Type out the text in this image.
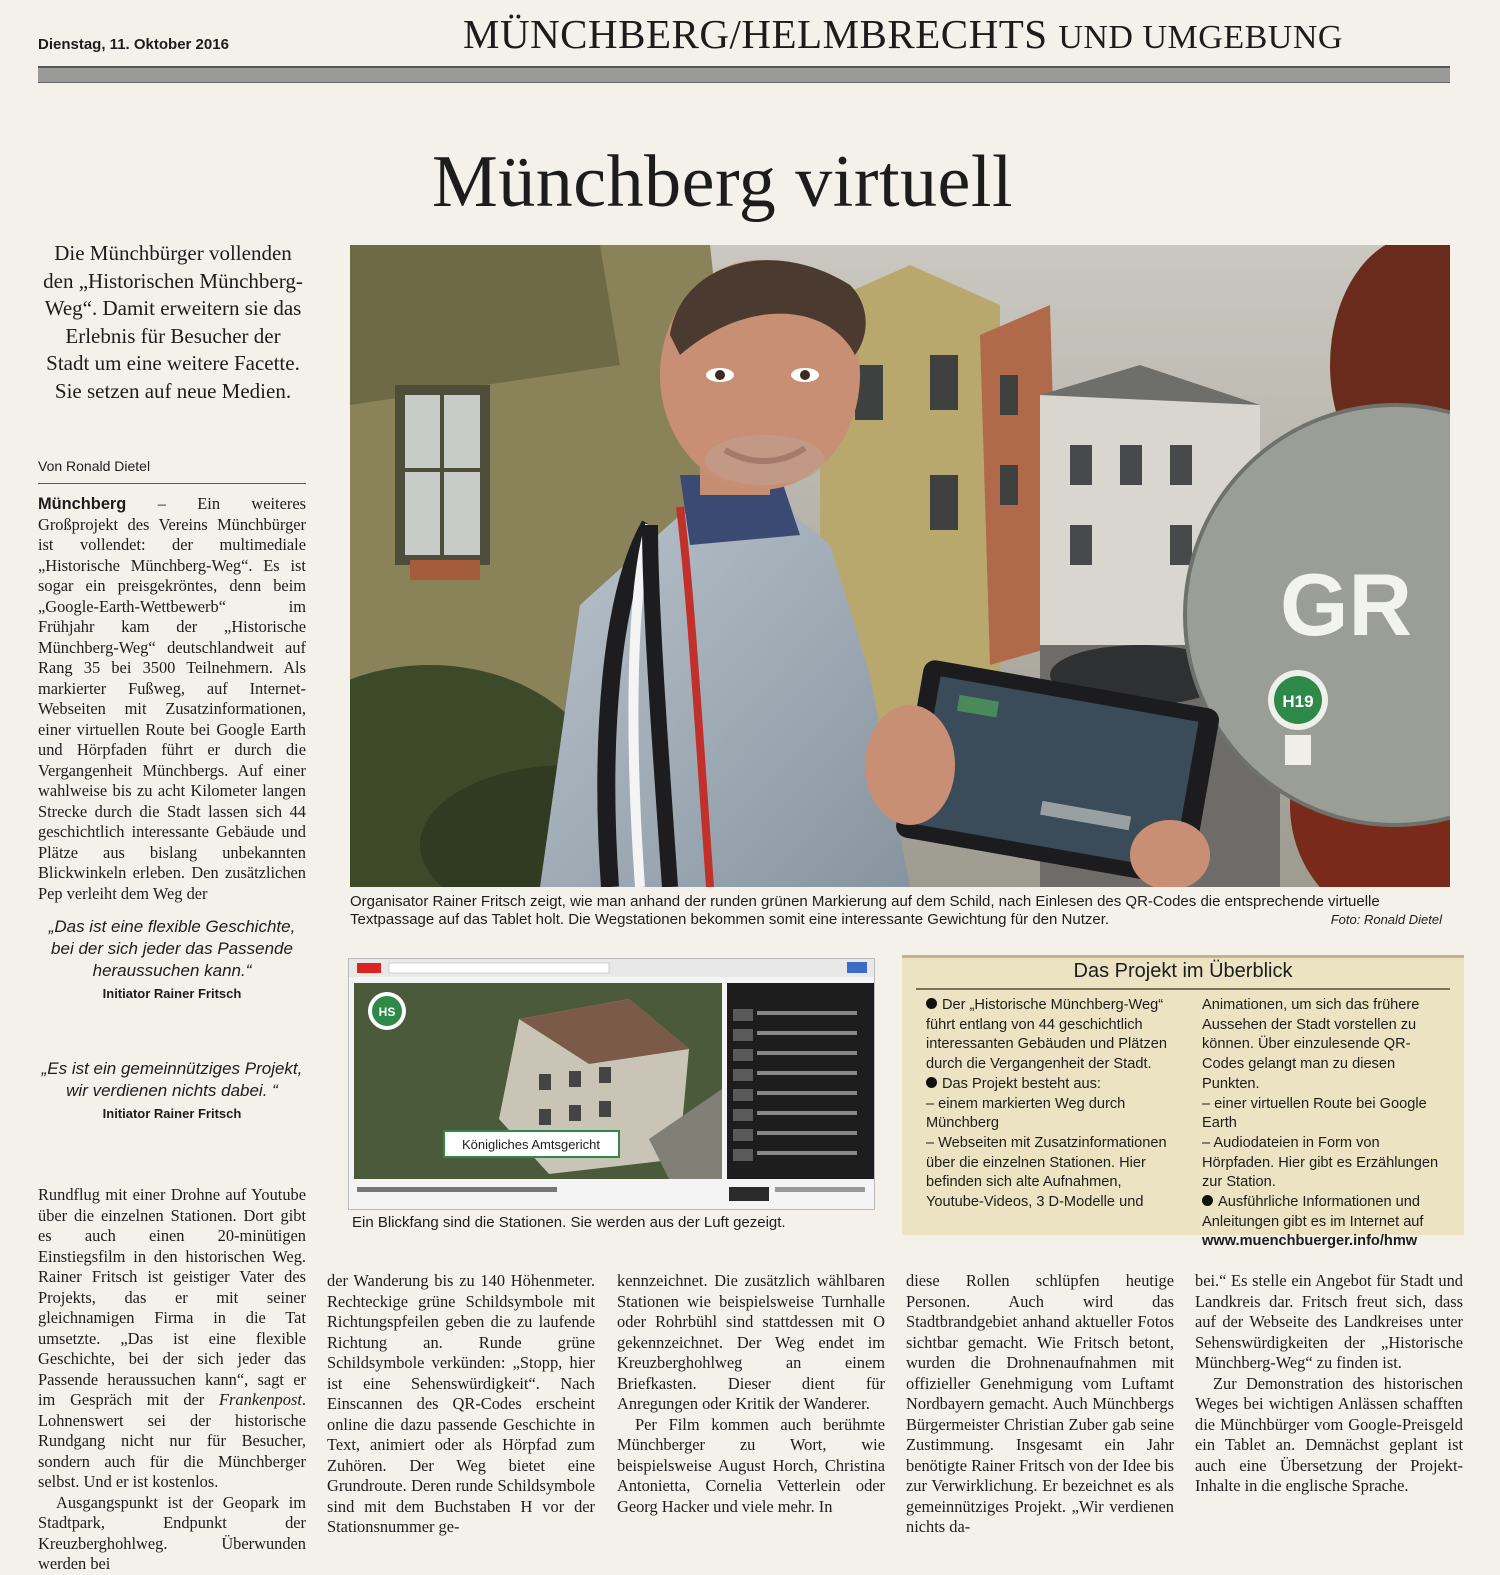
Dienstag, 11. Oktober 2016	MÜNCHBERG/HELMBRECHTS UND UMGEBUNG
Münchberg virtuell
Die Münchbürger vollenden den „Historischen Münchberg-Weg“. Damit erweitern sie das Erlebnis für Besucher der Stadt um eine weitere Facette. Sie setzen auf neue Medien.
Von Ronald Dietel

Münchberg – Ein weiteres Großprojekt des Vereins Münchbürger ist vollendet: der multimediale „Historische Münchberg-Weg“. Es ist sogar ein preisgekröntes, denn beim „Google-Earth-Wettbewerb“ im Frühjahr kam der „Historische Münchberg-Weg“ deutschlandweit auf Rang 35 bei 3500 Teilnehmern. Als markierter Fußweg, auf Internet-Webseiten mit Zusatzinformationen, einer virtuellen Route bei Google Earth und Hörpfaden führt er durch die Vergangenheit Münchbergs. Auf einer wahlweise bis zu acht Kilometer langen Strecke durch die Stadt lassen sich 44 geschichtlich interessante Gebäude und Plätze aus bislang unbekannten Blickwinkeln erleben. Den zusätzlichen Pep verleiht dem Weg der

„Das ist eine flexible Geschichte, bei der sich jeder das Passende heraussuchen kann.“
Initiator Rainer Fritsch
„Es ist ein gemeinnütziges Projekt, wir verdienen nichts dabei. “
Initiator Rainer Fritsch

Rundflug mit einer Drohne auf Youtube über die einzelnen Stationen. Dort gibt es auch einen 20-minütigen Einstiegsfilm in den historischen Weg. Rainer Fritsch ist geistiger Vater des Projekts, das er mit seiner gleichnamigen Firma in die Tat umsetzte. „Das ist eine flexible Geschichte, bei der sich jeder das Passende heraussuchen kann“, sagt er im Gespräch mit der Frankenpost. Lohnenswert sei der historische Rundgang nicht nur für Besucher, sondern auch für die Münchberger selbst. Und er ist kostenlos.

Ausgangspunkt ist der Geopark im Stadtpark, Endpunkt der Kreuzberghohlweg. Überwunden werden bei

GR
H19
Organisator Rainer Fritsch zeigt, wie man anhand der runden grünen Markierung auf dem Schild, nach Einlesen des QR-Codes die entsprechende virtuelle Textpassage auf das Tablet holt. Die Wegstationen bekommen somit eine interessante Gewichtung für den Nutzer.	Foto: Ronald Dietel
HS
Königliches Amtsgericht
Ein Blickfang sind die Stationen. Sie werden aus der Luft gezeigt.
Das Projekt im Überblick

Der „Historische Münchberg-Weg“ führt entlang von 44 geschichtlich interessanten Gebäuden und Plätzen durch die Vergangenheit der Stadt.

Das Projekt besteht aus:

– einem markierten Weg durch Münchberg

– Webseiten mit Zusatzinformationen über die einzelnen Stationen. Hier befinden sich alte Aufnahmen, Youtube-Videos, 3 D-Modelle und

Animationen, um sich das frühere Aussehen der Stadt vorstellen zu können. Über einzulesende QR-Codes gelangt man zu diesen Punkten.

– einer virtuellen Route bei Google Earth

– Audiodateien in Form von Hörpfaden. Hier gibt es Erzählungen zur Station.

Ausführliche Informationen und Anleitungen gibt es im Internet auf

www.muenchbuerger.info/hmw

der Wanderung bis zu 140 Höhenmeter. Rechteckige grüne Schildsymbole mit Richtungspfeilen geben die zu laufende Richtung an. Runde grüne Schildsymbole verkünden: „Stopp, hier ist eine Sehenswürdigkeit“. Nach Einscannen des QR-Codes erscheint online die dazu passende Geschichte in Text, animiert oder als Hörpfad zum Zuhören. Der Weg bietet eine Grundroute. Deren runde Schildsymbole sind mit dem Buchstaben H vor der Stationsnummer ge-

kennzeichnet. Die zusätzlich wählbaren Stationen wie beispielsweise Turnhalle oder Rohrbühl sind stattdessen mit O gekennzeichnet. Der Weg endet im Kreuzberghohlweg an einem Briefkasten. Dieser dient für Anregungen oder Kritik der Wanderer.

Per Film kommen auch berühmte Münchberger zu Wort, wie beispielsweise August Horch, Christina Antonietta, Cornelia Vetterlein oder Georg Hacker und viele mehr. In

diese Rollen schlüpfen heutige Personen. Auch wird das Stadtbrandgebiet anhand aktueller Fotos sichtbar gemacht. Wie Fritsch betont, wurden die Drohnenaufnahmen mit offizieller Genehmigung vom Luftamt Nordbayern gemacht. Auch Münchbergs Bürgermeister Christian Zuber gab seine Zustimmung. Insgesamt ein Jahr benötigte Rainer Fritsch von der Idee bis zur Verwirklichung. Er bezeichnet es als gemeinnütziges Projekt. „Wir verdienen nichts da-

bei.“ Es stelle ein Angebot für Stadt und Landkreis dar. Fritsch freut sich, dass auf der Webseite des Landkreises unter Sehenswürdigkeiten der „Historische Münchberg-Weg“ zu finden ist.

Zur Demonstration des historischen Weges bei wichtigen Anlässen schafften die Münchbürger vom Google-Preisgeld ein Tablet an. Demnächst geplant ist auch eine Übersetzung der Projekt-Inhalte in die englische Sprache.
